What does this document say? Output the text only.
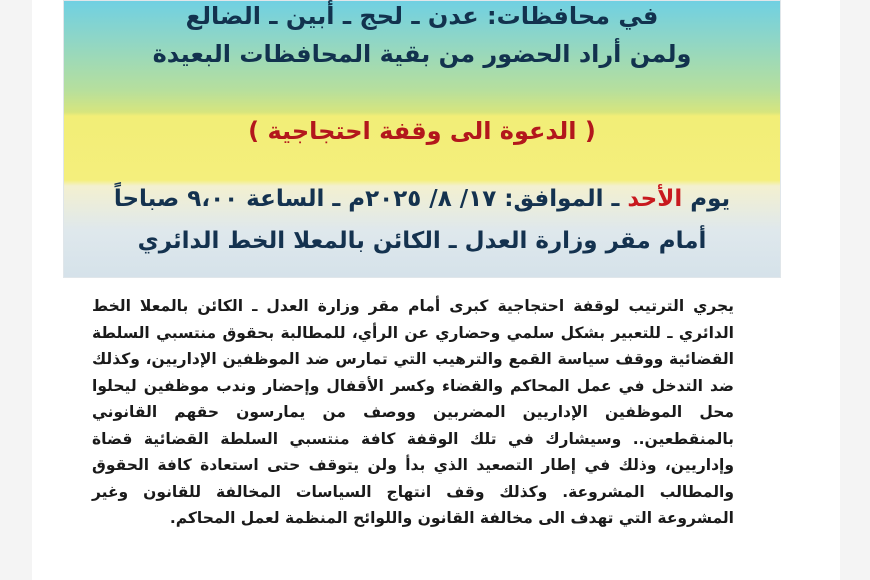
في محافظات: عدن ـ لحج ـ أبين ـ الضالع
ولمن أراد الحضور من بقية المحافظات البعيدة
( الدعوة الى وقفة احتجاجية )
يوم الأحد ـ الموافق: ١٧/ ٨/ ٢٠٢٥م ـ الساعة ٩،٠٠ صباحاً
أمام مقر وزارة العدل ـ الكائن بالمعلا الخط الدائري
يجري الترتيب لوقفة احتجاجية كبرى أمام مقر وزارة العدل ـ الكائن بالمعلا الخط الدائري ـ للتعبير بشكل سلمي وحضاري عن الرأي، للمطالبة بحقوق منتسبي السلطة القضائية ووقف سياسة القمع والترهيب التي تمارس ضد الموظفين الإداريين، وكذلك ضد التدخل في عمل المحاكم والقضاء وكسر الأقفال وإحضار وندب موظفين ليحلوا محل الموظفين الإداريين المضربين ووصف من يمارسون حقهم القانوني بالمنقطعين.. وسيشارك في تلك الوقفة كافة منتسبي السلطة القضائية قضاة وإداريين، وذلك في إطار التصعيد الذي بدأ ولن يتوقف حتى استعادة كافة الحقوق والمطالب المشروعة. وكذلك وقف انتهاج السياسات المخالفة للقانون وغير المشروعة التي تهدف الى مخالفة القانون واللوائح المنظمة لعمل المحاكم.
